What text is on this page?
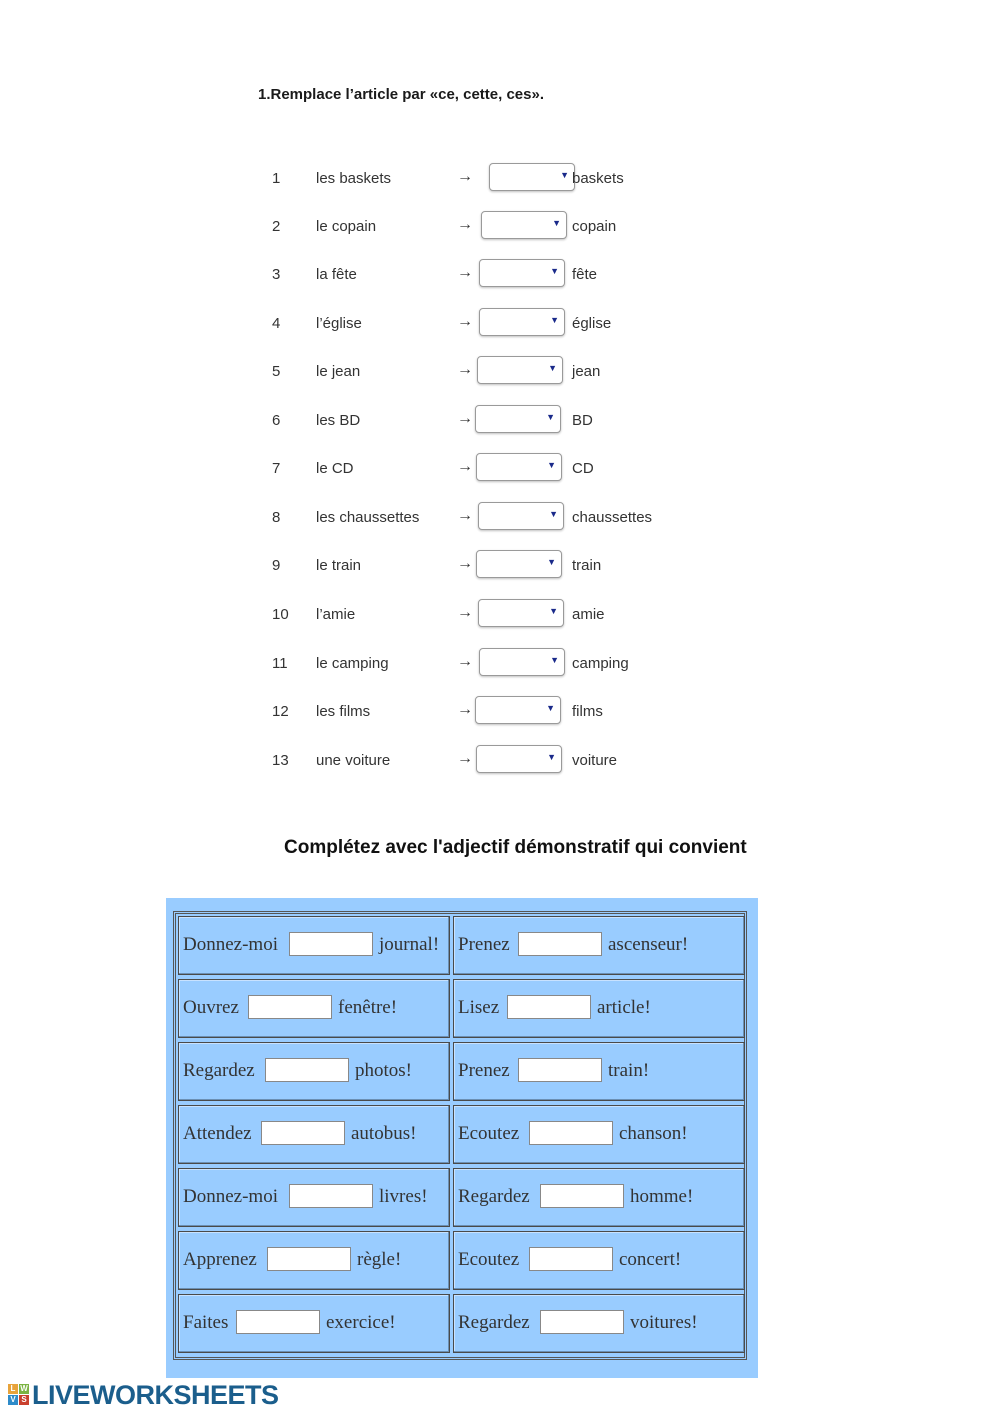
1.Remplace l’article par «ce, cette, ces».
1 les baskets	→	▼ baskets
2 le copain	→	▼ copain
3 la fête	→	▼ fête
4 l’église	→	▼ église
5 le jean	→	▼ jean
6 les BD	→	▼ BD
7 le CD	→	▼ CD
8 les chaussettes →	▼ chaussettes
9 le train	→	▼ train
10 l’amie	→	▼ amie
11 le camping	→	▼ camping
12 les films	→	▼ films
13 une voiture	→	▼ voiture
Complétez avec l'adjectif démonstratif qui convient
Donnez-moi	journal! Prenez	ascenseur!
Ouvrez	fenêtre!	Lisez	article!
Regardez	photos! Prenez	train!
Attendez	autobus! Ecoutez	chanson!
Donnez-moi	livres! Regardez	homme!
Apprenez	règle!	Ecoutez	concert!
Faites	exercice!	Regardez	voitures!
L W
V S LIVEWORKSHEETS
